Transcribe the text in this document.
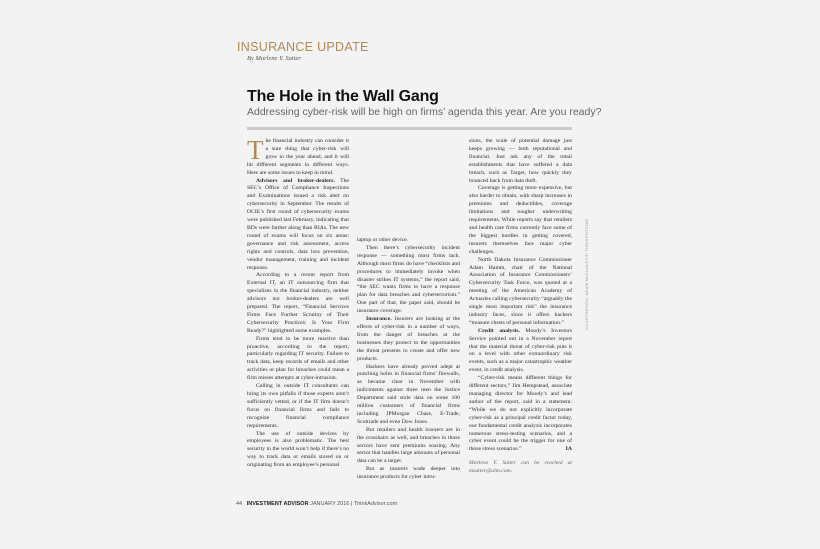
INSURANCE UPDATE
By Marlene Y. Satter
The Hole in the Wall Gang
Addressing cyber-risk will be high on firms’ agenda this year. Are you ready?

The financial industry can consider it a sure thing that cyber-risk will grow in the year ahead, and it will hit different segments in different ways. Here are some issues to keep in mind.

Advisors and broker-dealers. The SEC’s Office of Compliance Inspections and Examinations issued a risk alert on cybersecurity in September. The results of OCIE’s first round of cybersecurity exams were published last February, indicating that BDs were farther along than RIAs. The new round of exams will focus on six areas: governance and risk assessment, access rights and controls, data loss prevention, vendor management, training and incident response.

According to a recent report from External IT, an IT outsourcing firm that specializes in the financial industry, neither advisors nor broker-dealers are well prepared. The report, “Financial Services Firms Face Further Scrutiny of Their Cybersecurity Practices: Is Your Firm Ready?” highlighted some examples.

Firms tend to be more reactive than proactive, according to the report, particularly regarding IT security. Failure to track data, keep records of emails and other activities or plan for breaches could mean a firm misses attempts at cyber-intrusion.

Calling in outside IT consultants can bring its own pitfalls if those experts aren’t sufficiently vetted, or if the IT firm doesn’t focus on financial firms and fails to recognize financial compliance requirements.

The use of outside devices by employees is also problematic. The best security in the world won’t help if there’s no way to track data or emails stored on or originating from an employee’s personal

laptop or other device.

Then there’s cybersecurity incident response — something most firms lack. Although most firms do have “checklists and procedures to immediately invoke when disaster strikes IT systems,” the report said, “the SEC wants firms to have a response plan for data breaches and cyberterrorism.” One part of that, the paper said, should be insurance coverage.

Insurance. Insurers are looking at the effects of cyber-risk in a number of ways, from the danger of breaches at the businesses they protect to the opportunities the threat presents to create and offer new products.

Hackers have already proved adept at punching holes in financial firms’ firewalls, as became clear in November with indictments against three men the Justice Department said stole data on some 100 million customers of financial firms including JPMorgan Chase, E-Trade, Scottrade and even Dow Jones.

But retailers and health insurers are in the crosshairs as well, and breaches in those sectors have sent premiums soaring. Any sector that handles large amounts of personal data can be a target.

But as insurers wade deeper into insurance products for cyber intru-

sions, the scale of potential damage just keeps growing — both reputational and financial. Just ask any of the retail establishments that have suffered a data breach, such as Target, how quickly they bounced back from data theft.

Coverage is getting more expensive, but also harder to obtain, with sharp increases in premiums and deductibles, coverage limitations and tougher underwriting requirements. While reports say that retailers and health care firms currently face some of the biggest hurdles in getting covered, insurers themselves face major cyber challenges.

North Dakota Insurance Commissioner Adam Hamm, chair of the National Association of Insurance Commissioners’ Cybersecurity Task Force, was quoted at a meeting of the American Academy of Actuaries calling cybersecurity “arguably the single most important risk” the insurance industry faces, since it offers hackers “treasure chests of personal information.”

Credit analysis. Moody’s Investors Service pointed out in a November report that the material threat of cyber-risk puts it on a level with other extraordinary risk events, such as a major catastrophic weather event, in credit analysis.

“Cyber-risk means different things for different sectors,” Jim Hempstead, associate managing director for Moody’s and lead author of the report, said in a statement. “While we do not explicitly incorporate cyber-risk as a principal credit factor today, our fundamental credit analysis incorporates numerous stress-testing scenarios, and a cyber event could be the trigger for one of those stress scenarios.”	IA

Marlene Y. Satter can be reached at msatter@alm.com.

ILLUSTRATION: ADAM McCAULEY/C THEISPOTCOM
44 INVESTMENT ADVISOR JANUARY 2016 | ThinkAdvisor.com
